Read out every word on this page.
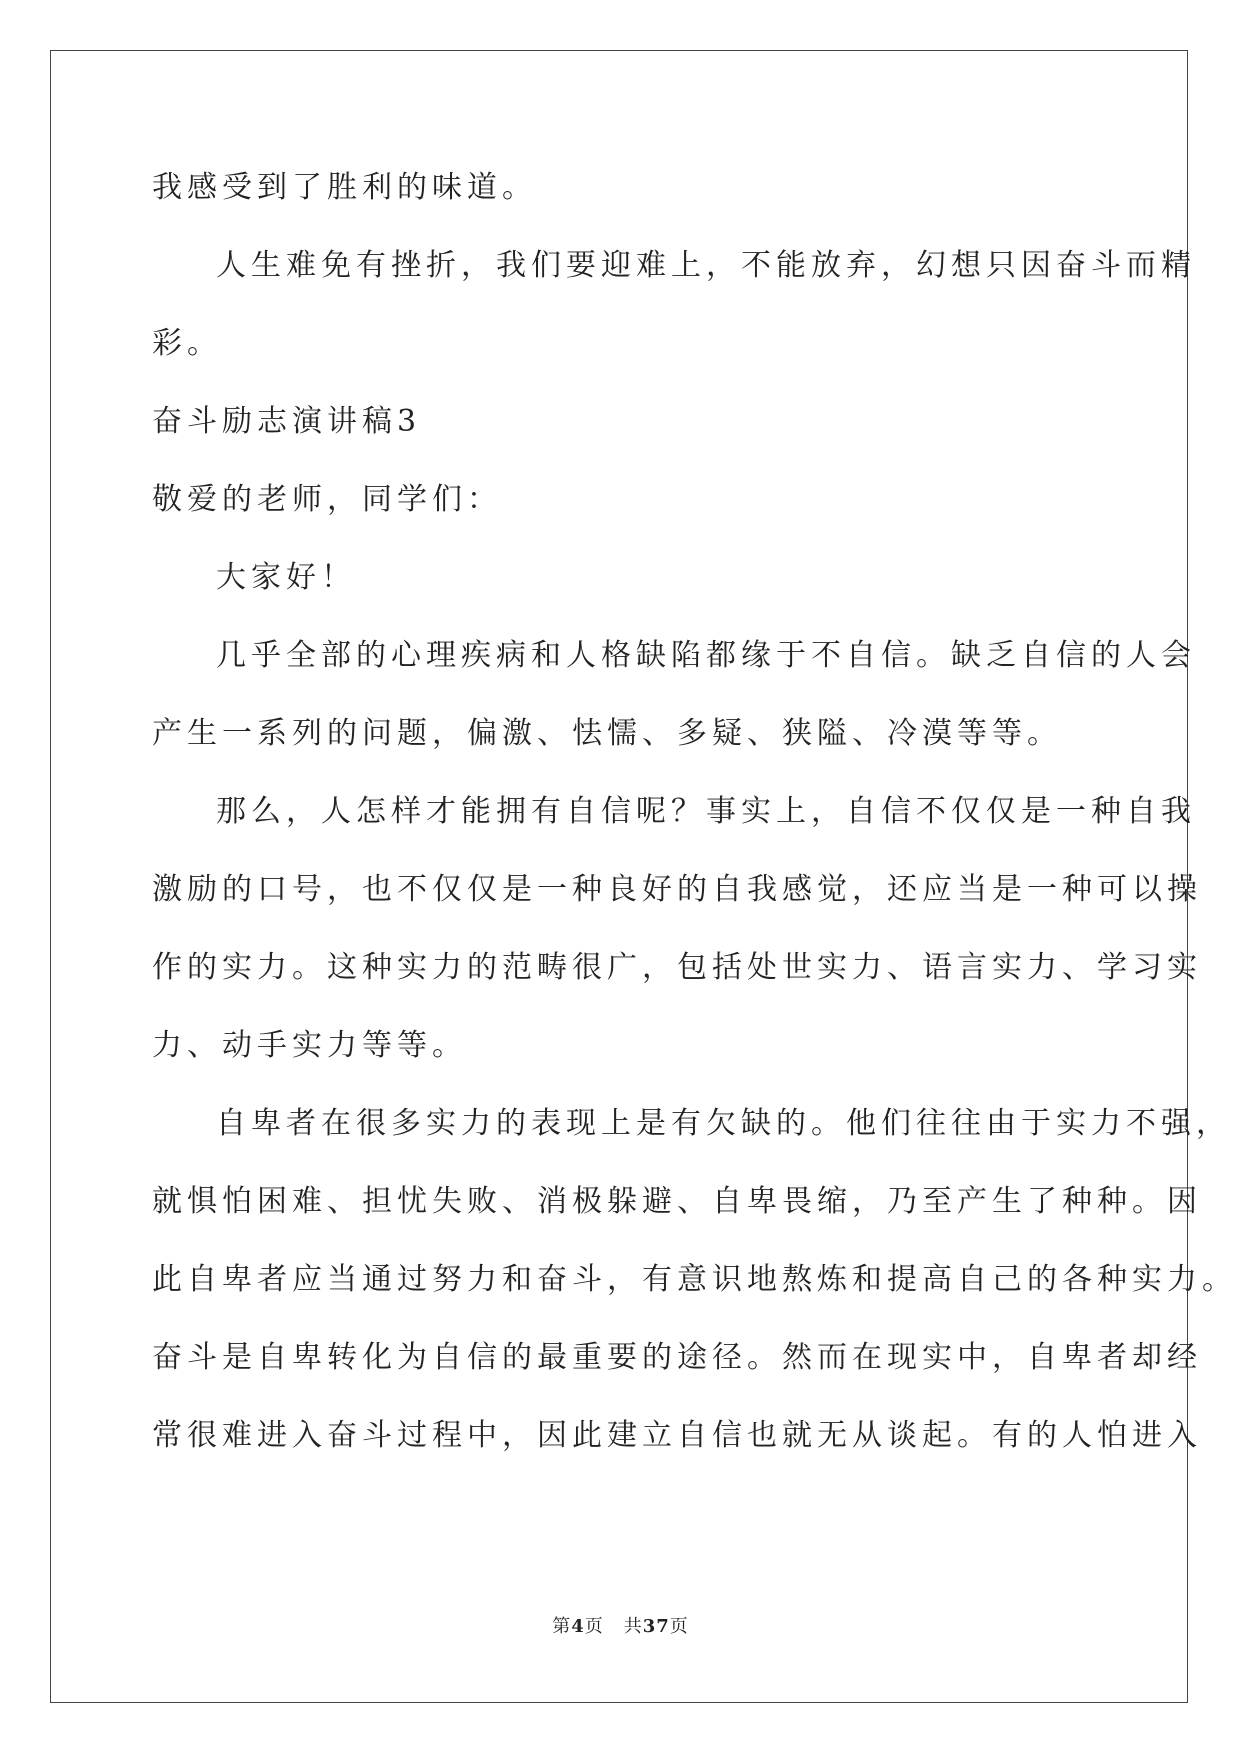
我感受到了胜利的味道。
人生难免有挫折，我们要迎难上，不能放弃，幻想只因奋斗而精
彩。
奋斗励志演讲稿3
敬爱的老师，同学们：
大家好！
几乎全部的心理疾病和人格缺陷都缘于不自信。缺乏自信的人会
产生一系列的问题，偏激、怯懦、多疑、狭隘、冷漠等等。
那么，人怎样才能拥有自信呢？事实上，自信不仅仅是一种自我
激励的口号，也不仅仅是一种良好的自我感觉，还应当是一种可以操
作的实力。这种实力的范畴很广，包括处世实力、语言实力、学习实
力、动手实力等等。
自卑者在很多实力的表现上是有欠缺的。他们往往由于实力不强，
就惧怕困难、担忧失败、消极躲避、自卑畏缩，乃至产生了种种。因
此自卑者应当通过努力和奋斗，有意识地熬炼和提高自己的各种实力。
奋斗是自卑转化为自信的最重要的途径。然而在现实中，自卑者却经
常很难进入奋斗过程中，因此建立自信也就无从谈起。有的人怕进入
第4页 共37页
